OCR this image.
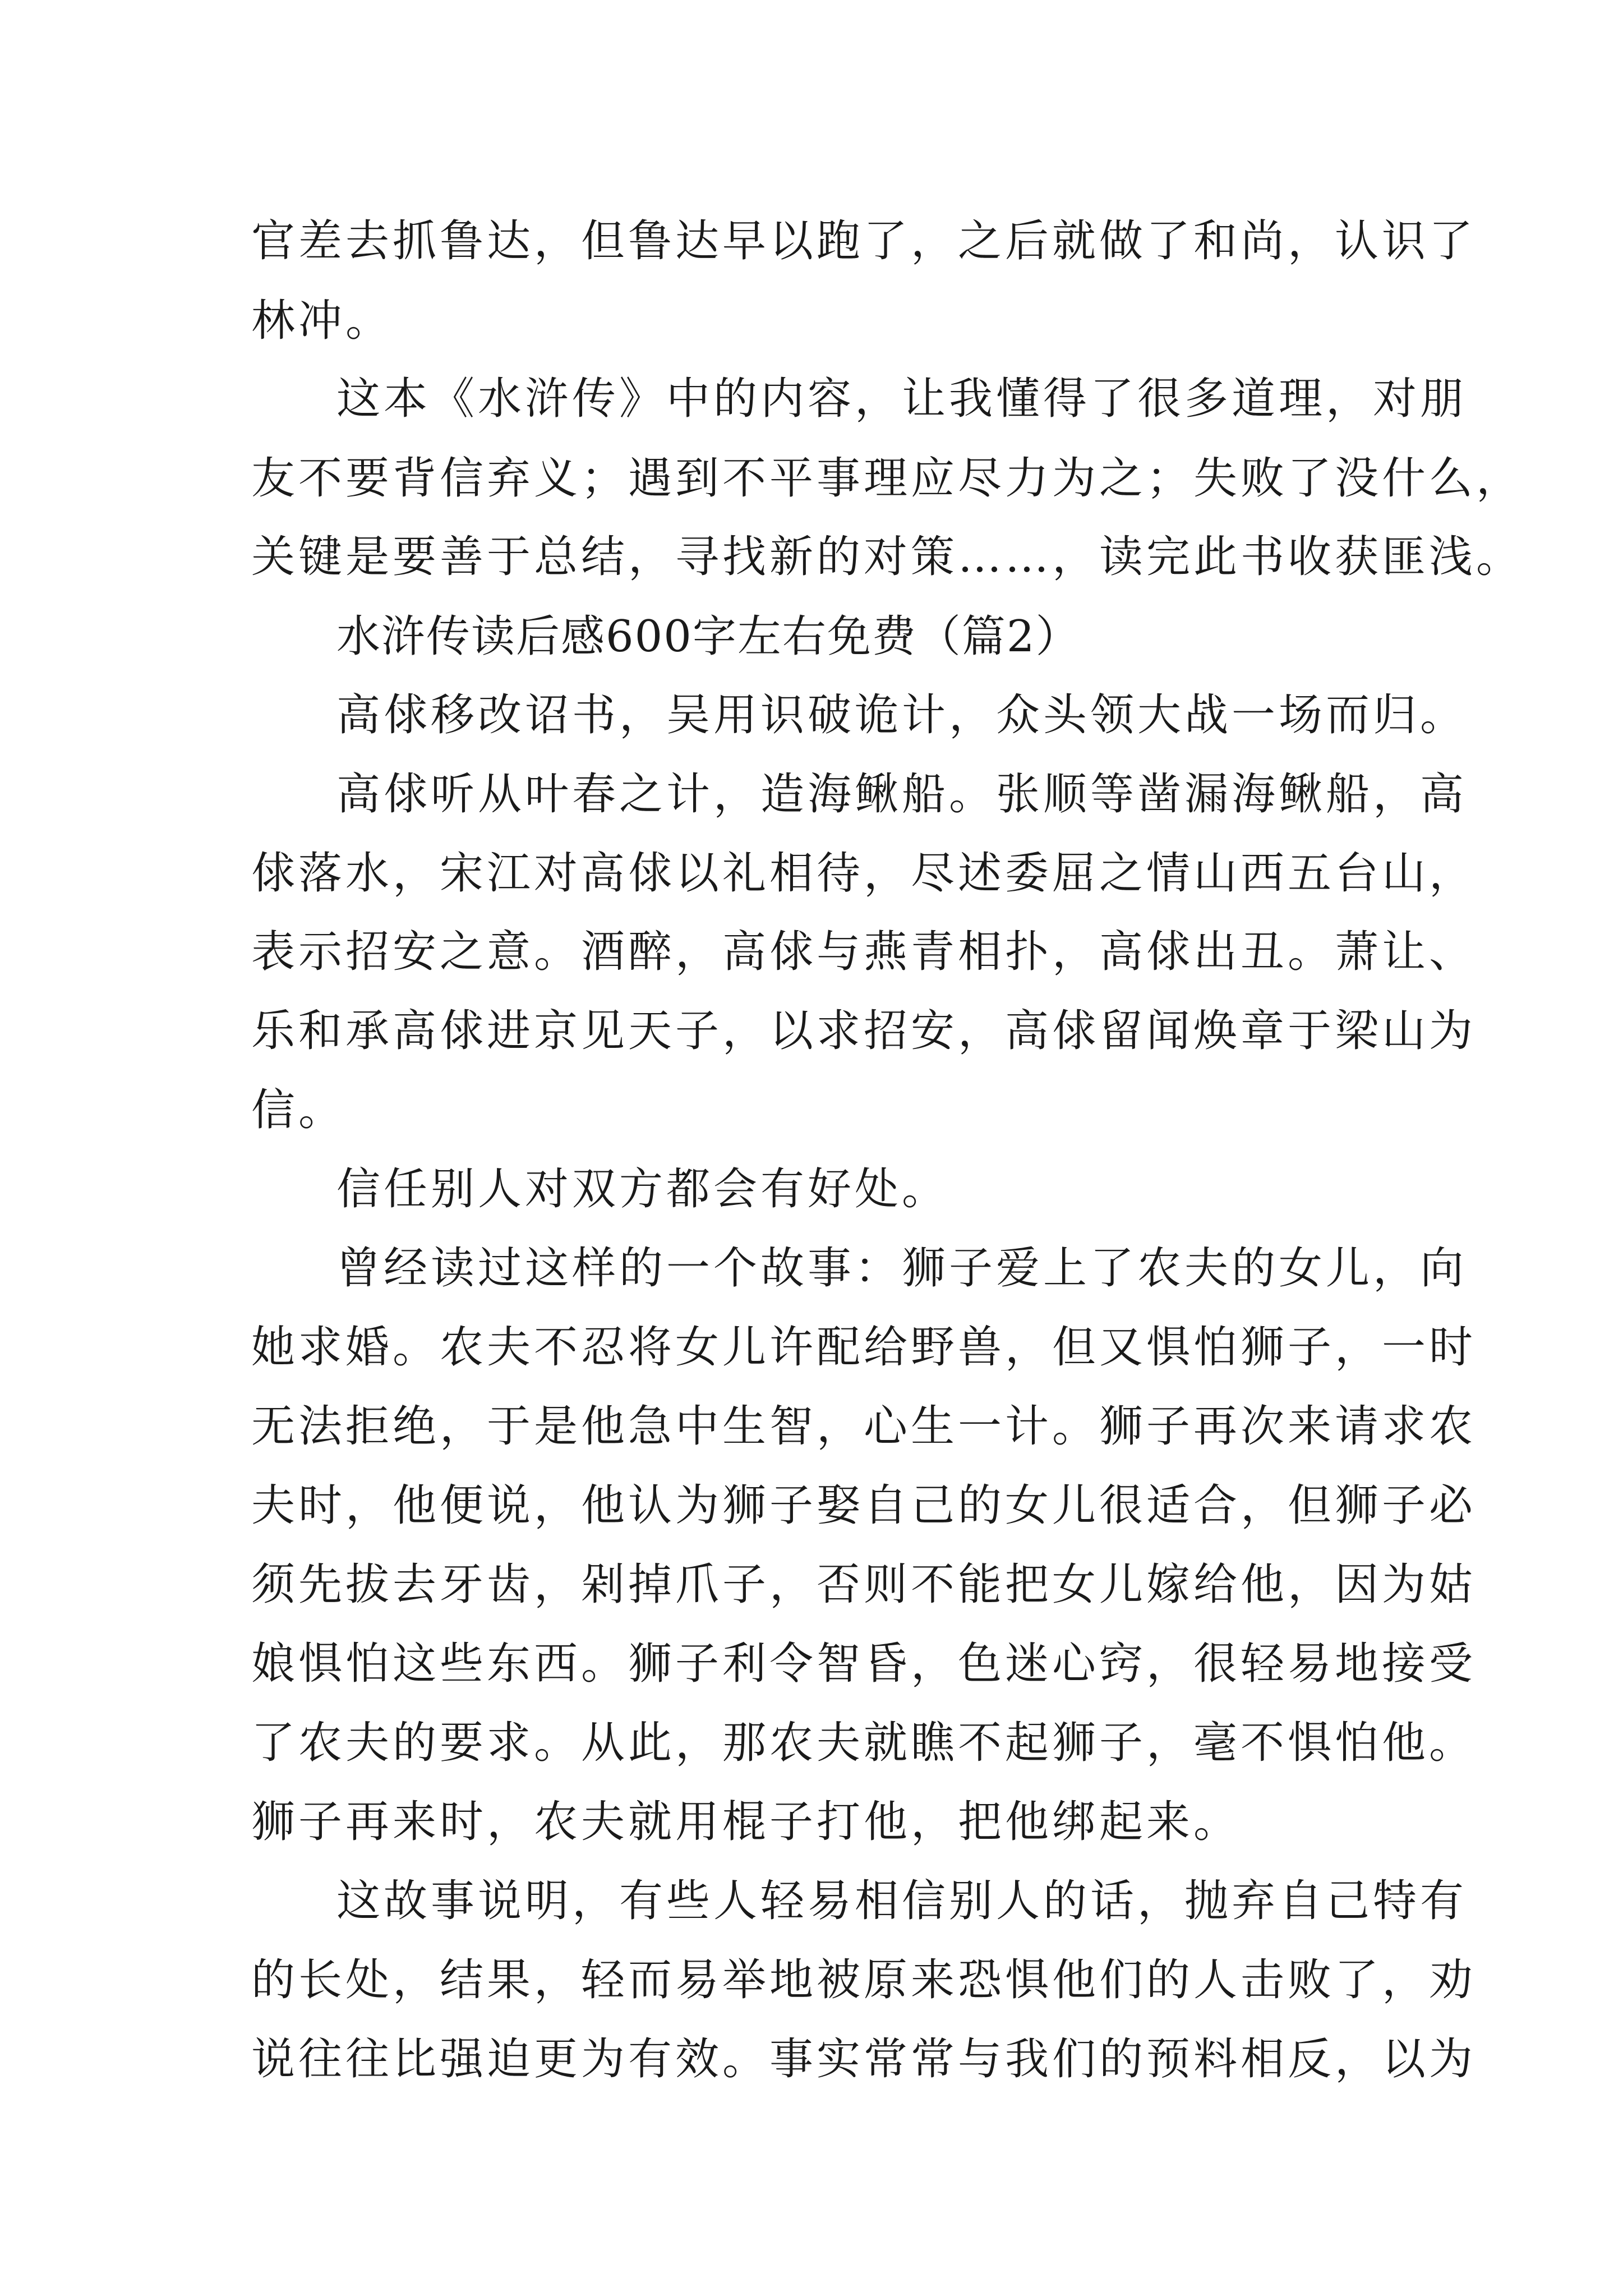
官差去抓鲁达，但鲁达早以跑了，之后就做了和尚，认识了
林冲。
这本《水浒传》中的内容，让我懂得了很多道理，对朋
友不要背信弃义；遇到不平事理应尽力为之；失败了没什么，
关键是要善于总结，寻找新的对策……，读完此书收获匪浅。
水浒传读后感600字左右免费（篇2）
高俅移改诏书，吴用识破诡计，众头领大战一场而归。
高俅听从叶春之计，造海鳅船。张顺等凿漏海鳅船，高
俅落水，宋江对高俅以礼相待，尽述委屈之情山西五台山，
表示招安之意。酒醉，高俅与燕青相扑，高俅出丑。萧让、
乐和承高俅进京见天子，以求招安，高俅留闻焕章于梁山为
信。
信任别人对双方都会有好处。
曾经读过这样的一个故事：狮子爱上了农夫的女儿，向
她求婚。农夫不忍将女儿许配给野兽，但又惧怕狮子，一时
无法拒绝，于是他急中生智，心生一计。狮子再次来请求农
夫时，他便说，他认为狮子娶自己的女儿很适合，但狮子必
须先拔去牙齿，剁掉爪子，否则不能把女儿嫁给他，因为姑
娘惧怕这些东西。狮子利令智昏，色迷心窍，很轻易地接受
了农夫的要求。从此，那农夫就瞧不起狮子，毫不惧怕他。
狮子再来时，农夫就用棍子打他，把他绑起来。
这故事说明，有些人轻易相信别人的话，抛弃自己特有
的长处，结果，轻而易举地被原来恐惧他们的人击败了，劝
说往往比强迫更为有效。事实常常与我们的预料相反，以为
